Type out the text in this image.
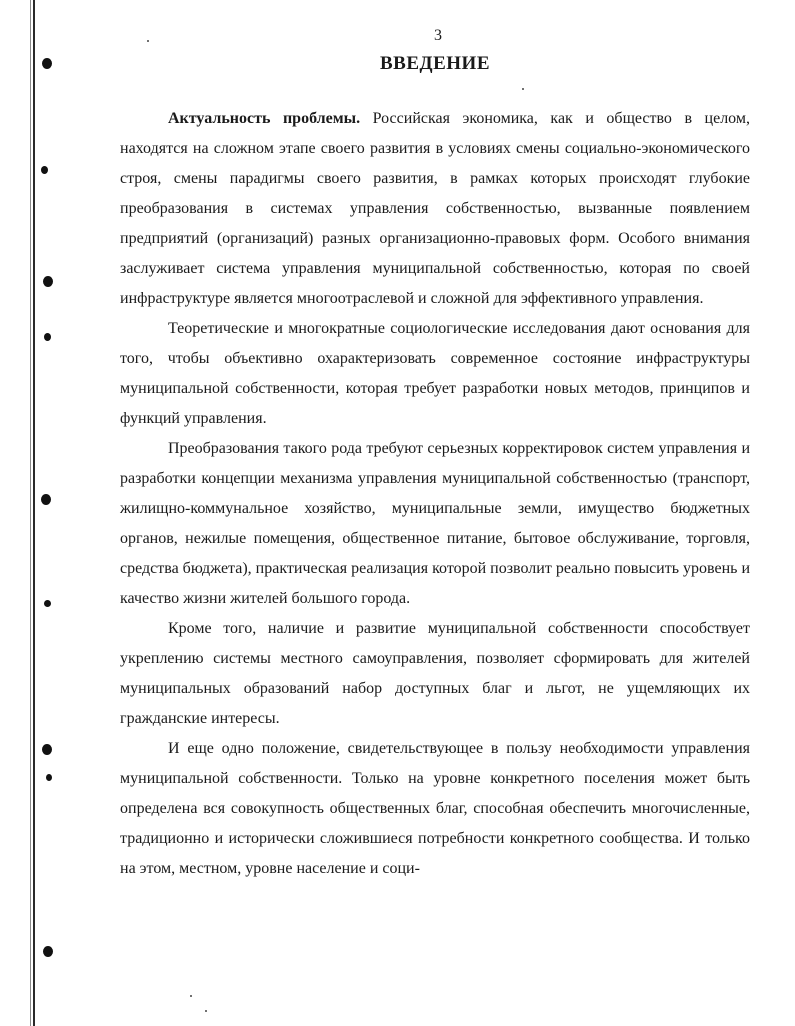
3
ВВЕДЕНИЕ

Актуальность проблемы. Российская экономика, как и общество в целом, находятся на сложном этапе своего развития в условиях смены социально-экономического строя, смены парадигмы своего развития, в рамках которых происходят глубокие преобразования в системах управления собственностью, вызванные появлением предприятий (организаций) разных организационно-правовых форм. Особого внимания заслуживает система управления муниципальной собственностью, которая по своей инфраструктуре является многоотраслевой и сложной для эффективного управления.

Теоретические и многократные социологические исследования дают основания для того, чтобы объективно охарактеризовать современное состояние инфраструктуры муниципальной собственности, которая требует разработки новых методов, принципов и функций управления.

Преобразования такого рода требуют серьезных корректировок систем управления и разработки концепции механизма управления муниципальной собственностью (транспорт, жилищно-коммунальное хозяйство, муниципальные земли, имущество бюджетных органов, нежилые помещения, общественное питание, бытовое обслуживание, торговля, средства бюджета), практическая реализация которой позволит реально повысить уровень и качество жизни жителей большого города.

Кроме того, наличие и развитие муниципальной собственности способствует укреплению системы местного самоуправления, позволяет сформировать для жителей муниципальных образований набор доступных благ и льгот, не ущемляющих их гражданские интересы.

И еще одно положение, свидетельствующее в пользу необходимости управления муниципальной собственности. Только на уровне конкретного поселения может быть определена вся совокупность общественных благ, способная обеспечить многочисленные, традиционно и исторически сложившиеся потребности конкретного сообщества. И только на этом, местном, уровне население и соци-
